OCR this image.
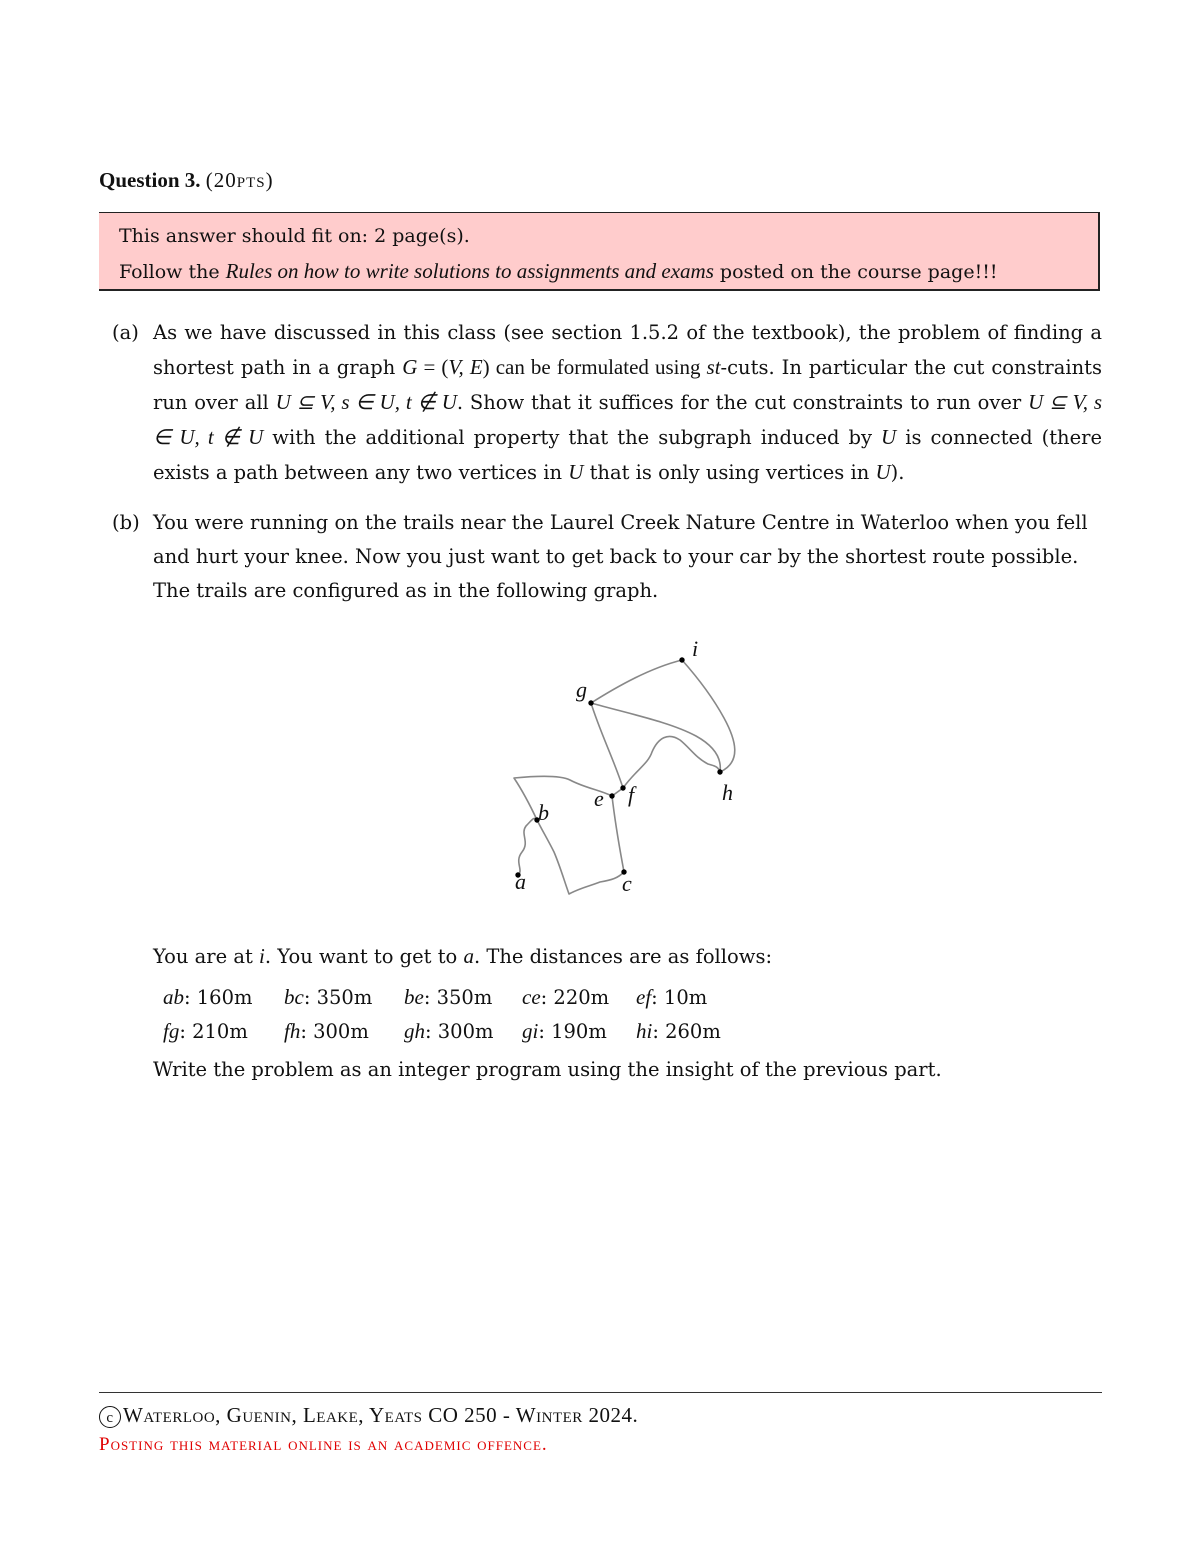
Question 3. (20pts)
This answer should fit on: 2 page(s).
Follow the Rules on how to write solutions to assignments and exams posted on the course page!!!
(a) As we have discussed in this class (see section 1.5.2 of the textbook), the problem of finding a shortest path in a graph G = (V, E) can be formulated using st-cuts. In particular the cut constraints run over all U ⊆ V, s ∈ U, t ∉ U. Show that it suffices for the cut constraints to run over U ⊆ V, s ∈ U, t ∉ U with the additional property that the subgraph induced by U is connected (there exists a path between any two vertices in U that is only using vertices in U).
(b) You were running on the trails near the Laurel Creek Nature Centre in Waterloo when you fell and hurt your knee. Now you just want to get back to your car by the shortest route possible. The trails are configured as in the following graph.
a
b
c
e f
g
h
i
You are at i. You want to get to a. The distances are as follows:
ab: 160m bc: 350m be: 350m ce: 220m ef: 10m
fg: 210m fh: 300m gh: 300m gi: 190m hi: 260m
Write the problem as an integer program using the insight of the previous part.
c Waterloo, Guenin, Leake, Yeats CO 250 - Winter 2024.
Posting this material online is an academic offence.
